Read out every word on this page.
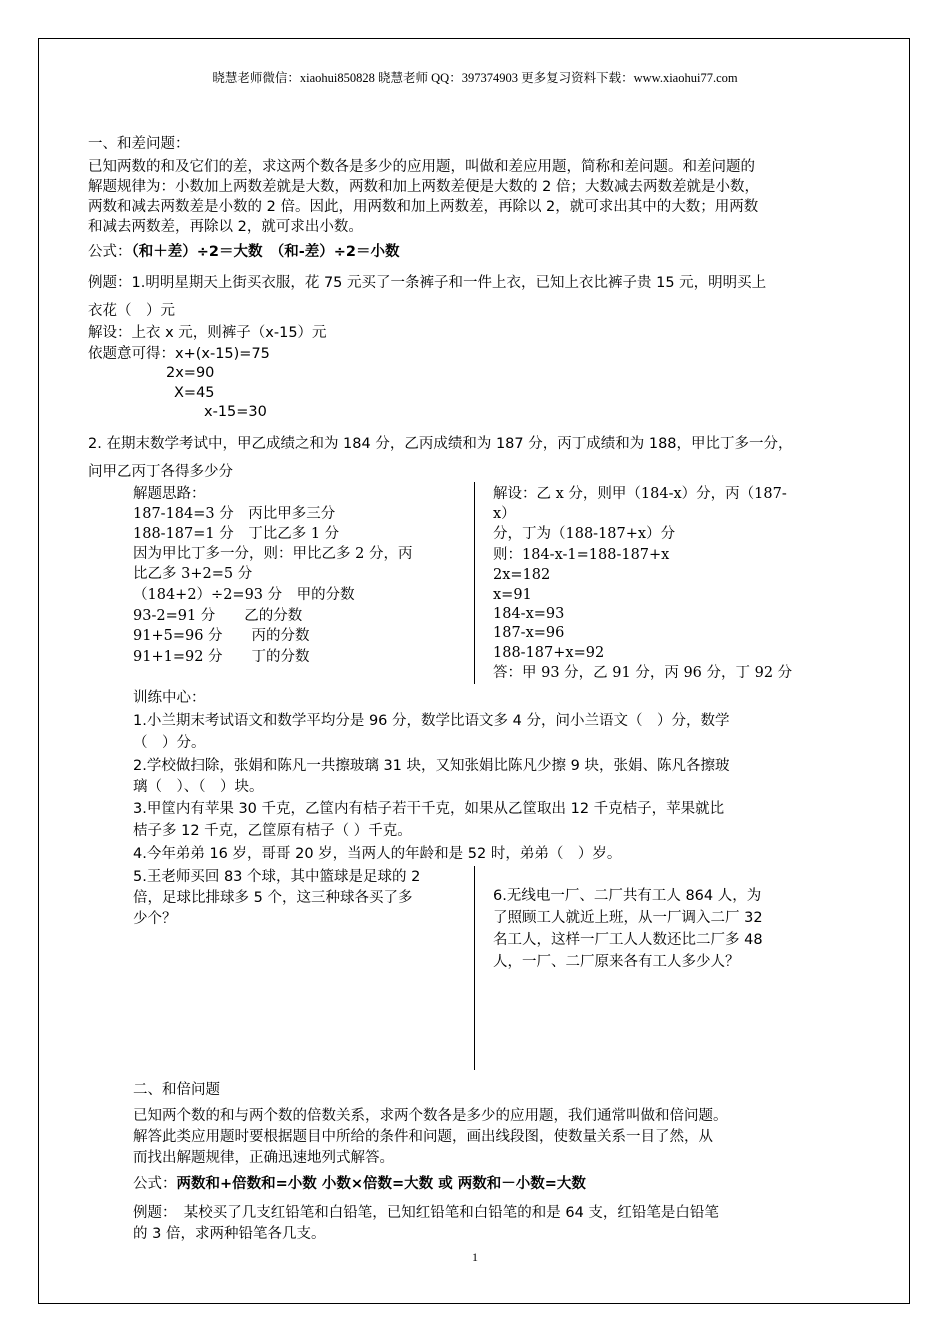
晓慧老师微信：xiaohui850828 晓慧老师 QQ：397374903 更多复习资料下载：www.xiaohui77.com
一、和差问题：
已知两数的和及它们的差，求这两个数各是多少的应用题，叫做和差应用题，简称和差问题。和差问题的
解题规律为：小数加上两数差就是大数，两数和加上两数差便是大数的 2 倍；大数减去两数差就是小数，
两数和减去两数差是小数的 2 倍。因此，用两数和加上两数差，再除以 2，就可求出其中的大数；用两数
和减去两数差，再除以 2，就可求出小数。
公式：（和＋差）÷2＝大数　（和-差）÷2＝小数
例题：1.明明星期天上街买衣服，花 75 元买了一条裤子和一件上衣，已知上衣比裤子贵 15 元，明明买上
衣花（　）元
解设：上衣 x 元，则裤子（x-15）元
依题意可得：x+(x-15)=75
2x=90
X=45
x-15=30
2. 在期末数学考试中，甲乙成绩之和为 184 分，乙丙成绩和为 187 分，丙丁成绩和为 188，甲比丁多一分，
问甲乙丙丁各得多少分
解题思路：
187-184=3 分　丙比甲多三分
188-187=1 分　丁比乙多 1 分
因为甲比丁多一分，则：甲比乙多 2 分，丙
比乙多 3+2=5 分
（184+2）÷2=93 分　甲的分数
93-2=91 分　　乙的分数
91+5=96 分　　丙的分数
91+1=92 分　　丁的分数
解设：乙 x 分，则甲（184-x）分，丙（187-
x）
分，丁为（188-187+x）分
则：184-x-1=188-187+x
2x=182
x=91
184-x=93
187-x=96
188-187+x=92
答：甲 93 分，乙 91 分，丙 96 分，丁 92 分
训练中心：
1.小兰期末考试语文和数学平均分是 96 分，数学比语文多 4 分，问小兰语文（　）分，数学
（　）分。
2.学校做扫除，张娟和陈凡一共擦玻璃 31 块，又知张娟比陈凡少擦 9 块，张娟、陈凡各擦玻
璃（　）、（　）块。
3.甲筐内有苹果 30 千克，乙筐内有桔子若干千克，如果从乙筐取出 12 千克桔子，苹果就比
桔子多 12 千克，乙筐原有桔子（ ）千克。
4.今年弟弟 16 岁，哥哥 20 岁，当两人的年龄和是 52 时，弟弟（　）岁。
5.王老师买回 83 个球，其中篮球是足球的 2
倍，足球比排球多 5 个，这三种球各买了多
少个？
6.无线电一厂、二厂共有工人 864 人，为
了照顾工人就近上班，从一厂调入二厂 32
名工人，这样一厂工人人数还比二厂多 48
人，一厂、二厂原来各有工人多少人？
二、和倍问题
已知两个数的和与两个数的倍数关系，求两个数各是多少的应用题，我们通常叫做和倍问题。
解答此类应用题时要根据题目中所给的条件和问题，画出线段图，使数量关系一目了然，从
而找出解题规律，正确迅速地列式解答。
公式：两数和+倍数和=小数 小数×倍数=大数 或 两数和－小数=大数
例题：　某校买了几支红铅笔和白铅笔，已知红铅笔和白铅笔的和是 64 支，红铅笔是白铅笔
的 3 倍，求两种铅笔各几支。
1
